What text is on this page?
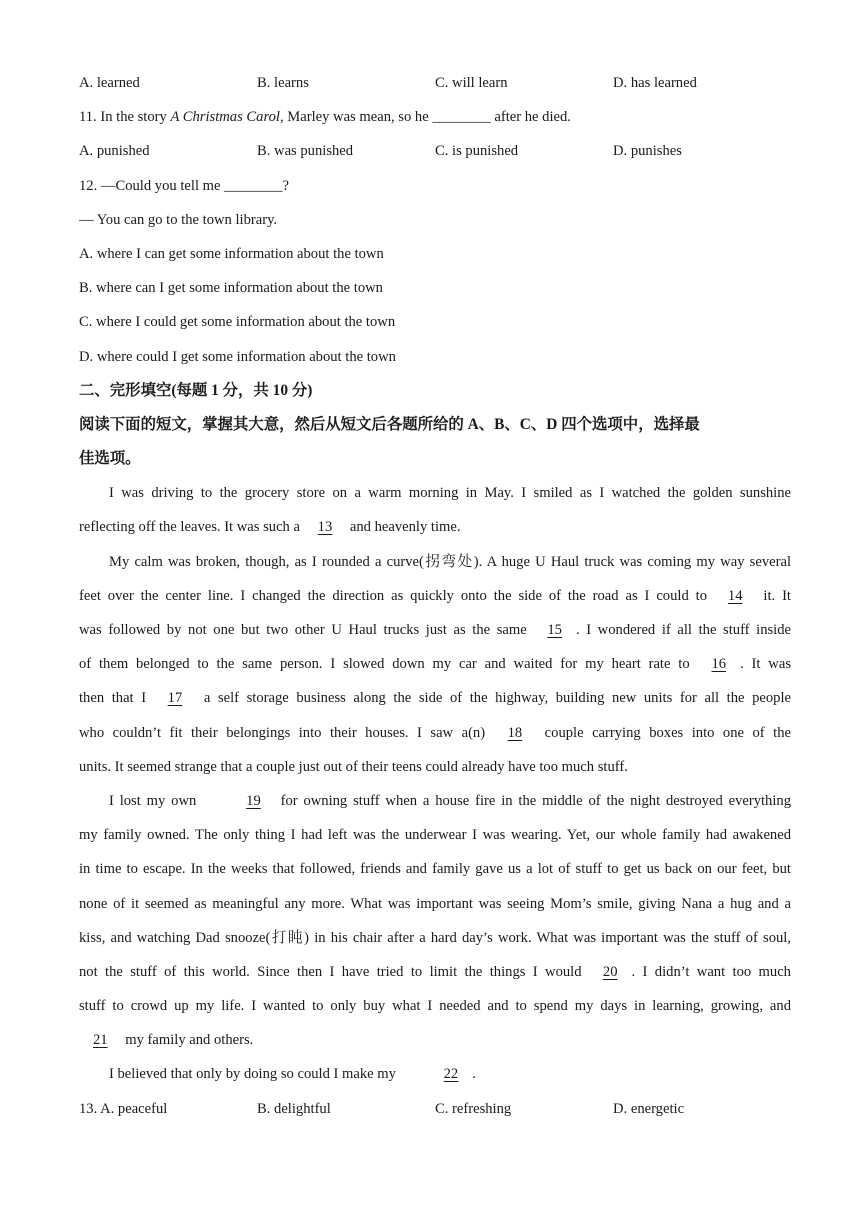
A. learned	B. learns	C. will learn	D. has learned
11. In the story A Christmas Carol, Marley was mean, so he ________ after he died.
A. punished	B. was punished	C. is punished	D. punishes
12. —Could you tell me ________?
— You can go to the town library.
A. where I can get some information about the town
B. where can I get some information about the town
C. where I could get some information about the town
D. where could I get some information about the town
二、完形填空(每题 1 分，共 10 分)
阅读下面的短文，掌握其大意，然后从短文后各题所给的 A、B、C、D 四个选项中，选择最
佳选项。
I was driving to the grocery store on a warm morning in May. I smiled as I watched the golden sunshine
reflecting off the leaves. It was such a 13 and heavenly time.
My calm was broken, though, as I rounded a curve(拐弯处). A huge U Haul truck was coming my way several
feet over the center line. I changed the direction as quickly onto the side of the road as I could to 14 it. It
was followed by not one but two other U Haul trucks just as the same 15 . I wondered if all the stuff inside
of them belonged to the same person. I slowed down my car and waited for my heart rate to 16 . It was
then that I 17 a self storage business along the side of the highway, building new units for all the people
who couldn’t fit their belongings into their houses. I saw a(n) 18 couple carrying boxes into one of the
units. It seemed strange that a couple just out of their teens could already have too much stuff.
I lost my own	19 for owning stuff when a house fire in the middle of the night destroyed everything
my family owned. The only thing I had left was the underwear I was wearing. Yet, our whole family had awakened
in time to escape. In the weeks that followed, friends and family gave us a lot of stuff to get us back on our feet, but
none of it seemed as meaningful any more. What was important was seeing Mom’s smile, giving Nana a hug and a
kiss, and watching Dad snooze(打盹) in his chair after a hard day’s work. What was important was the stuff of soul,
not the stuff of this world. Since then I have tried to limit the things I would 20 . I didn’t want too much
stuff to crowd up my life. I wanted to only buy what I needed and to spend my days in learning, growing, and
21 my family and others.
I believed that only by doing so could I make my	22 .
13. A. peaceful	B. delightful	C. refreshing	D. energetic
